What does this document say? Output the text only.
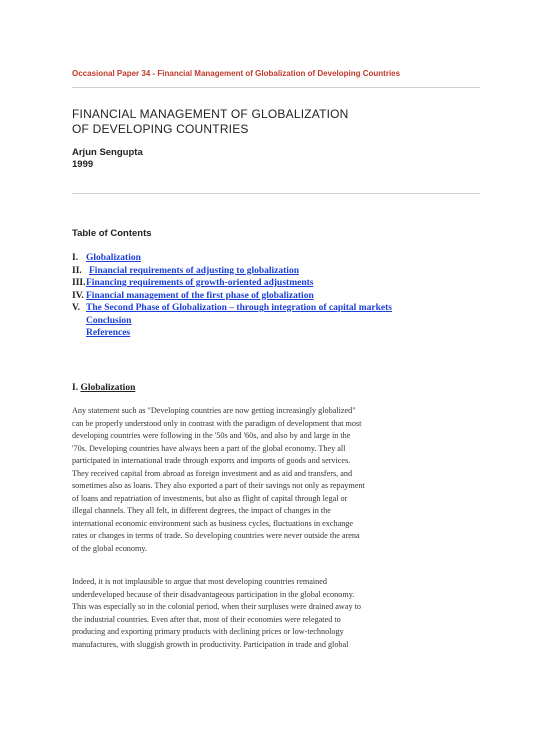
Occasional Paper 34 - Financial Management of Globalization of Developing Countries
FINANCIAL MANAGEMENT OF GLOBALIZATION
OF DEVELOPING COUNTRIES
Arjun Sengupta
1999
Table of Contents
I. Globalization
II. Financial requirements of adjusting to globalization
III.Financing requirements of growth-oriented adjustments
IV. Financial management of the first phase of globalization
V. The Second Phase of Globalization – through integration of capital markets
Conclusion
References
I. Globalization
Any statement such as "Developing countries are now getting increasingly globalized"
can be properly understood only in contrast with the paradigm of development that most
developing countries were following in the '50s and '60s, and also by and large in the
'70s. Developing countries have always been a part of the global economy. They all
participated in international trade through exports and imports of goods and services.
They received capital from abroad as foreign investment and as aid and transfers, and
sometimes also as loans. They also exported a part of their savings not only as repayment
of loans and repatriation of investments, but also as flight of capital through legal or
illegal channels. They all felt, in different degrees, the impact of changes in the
international economic environment such as business cycles, fluctuations in exchange
rates or changes in terms of trade. So developing countries were never outside the arena
of the global economy.
Indeed, it is not implausible to argue that most developing countries remained
underdeveloped because of their disadvantageous participation in the global economy.
This was especially so in the colonial period, when their surpluses were drained away to
the industrial countries. Even after that, most of their economies were relegated to
producing and exporting primary products with declining prices or low-technology
manufactures, with sluggish growth in productivity. Participation in trade and global
